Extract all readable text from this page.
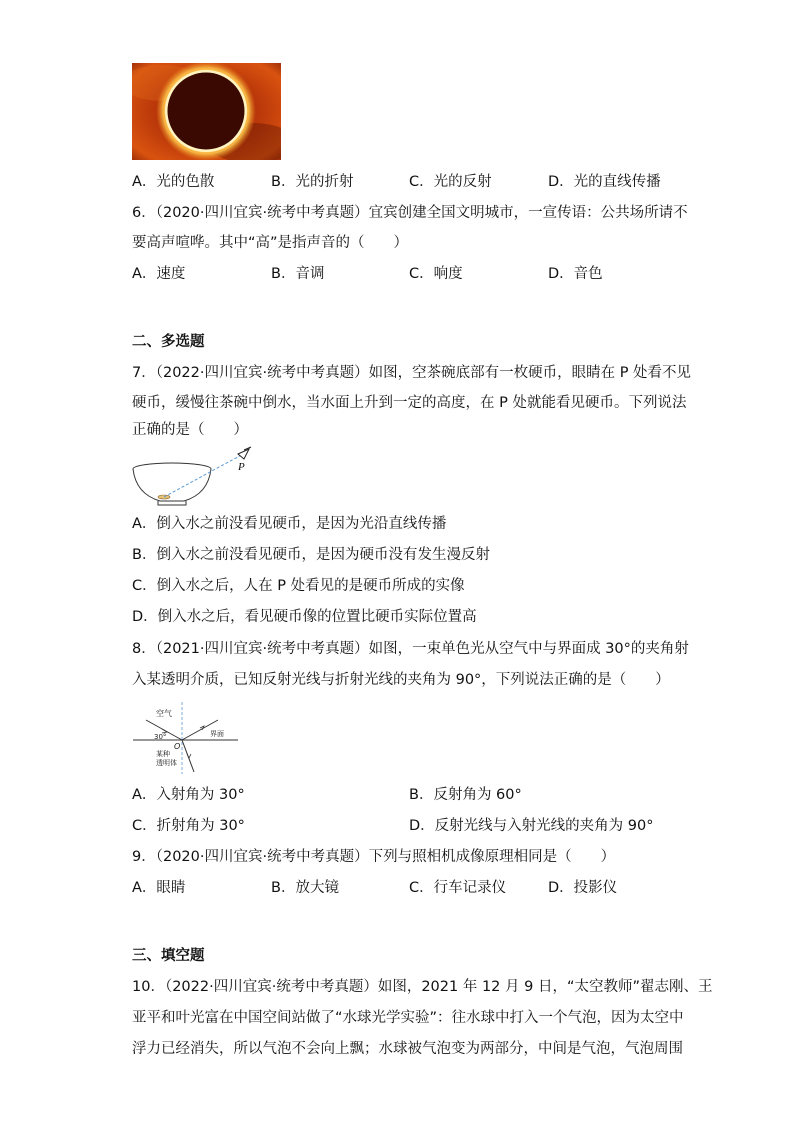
A．光的色散	B．光的折射	C．光的反射	D．光的直线传播
6．（2020·四川宜宾·统考中考真题）宜宾创建全国文明城市，一宣传语：公共场所请不
要高声喧哗。其中“高”是指声音的（　　）
A．速度	B．音调	C．响度	D．音色
二、多选题
7．（2022·四川宜宾·统考中考真题）如图，空茶碗底部有一枚硬币，眼睛在 P 处看不见
硬币，缓慢往茶碗中倒水，当水面上升到一定的高度，在 P 处就能看见硬币。下列说法
正确的是（　　）
P
A．倒入水之前没看见硬币，是因为光沿直线传播
B．倒入水之前没看见硬币，是因为硬币没有发生漫反射
C．倒入水之后，人在 P 处看见的是硬币所成的实像
D．倒入水之后，看见硬币像的位置比硬币实际位置高
8．（2021·四川宜宾·统考中考真题）如图，一束单色光从空气中与界面成 30°的夹角射
入某透明介质，已知反射光线与折射光线的夹角为 90°，下列说法正确的是（　　）
空气
30°	界面
O
某种
透明体
A．入射角为 30°	B．反射角为 60°
C．折射角为 30°	D．反射光线与入射光线的夹角为 90°
9．（2020·四川宜宾·统考中考真题）下列与照相机成像原理相同是（　　）
A．眼睛	B．放大镜	C．行车记录仪	D．投影仪
三、填空题
10．（2022·四川宜宾·统考中考真题）如图，2021 年 12 月 9 日，“太空教师”翟志刚、王
亚平和叶光富在中国空间站做了“水球光学实验”：往水球中打入一个气泡，因为太空中
浮力已经消失，所以气泡不会向上飘；水球被气泡变为两部分，中间是气泡，气泡周围
